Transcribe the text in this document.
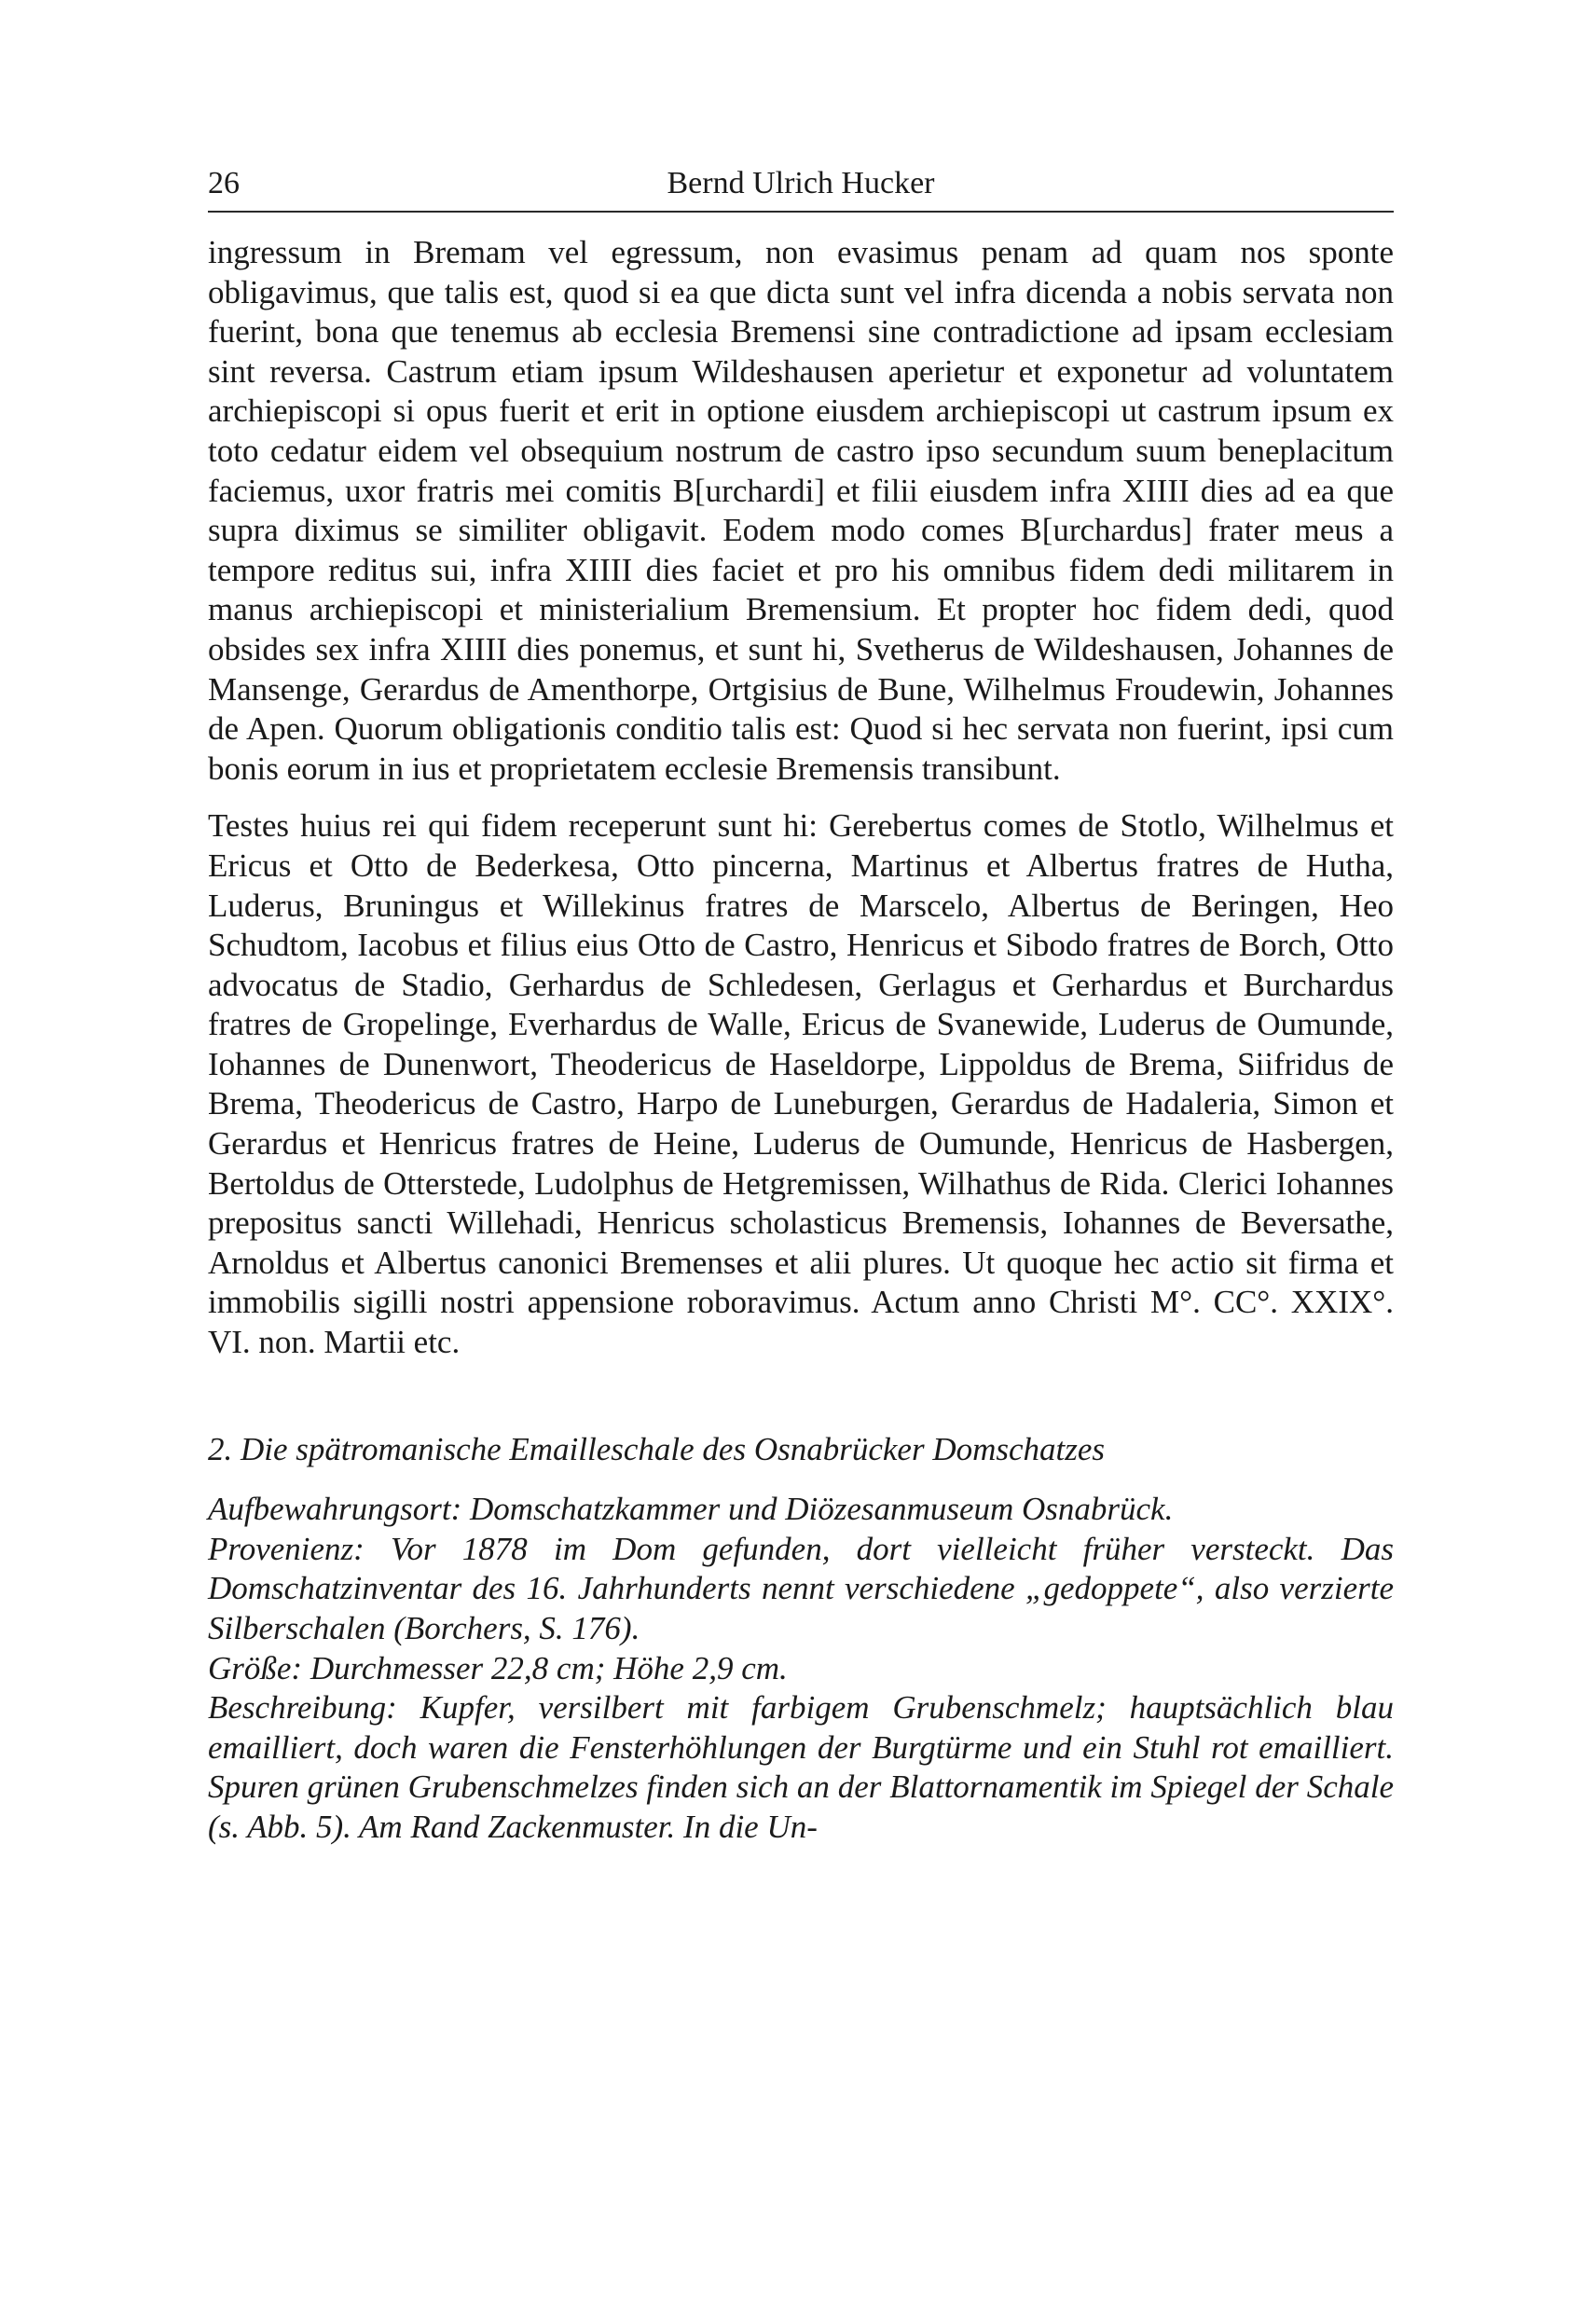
26	Bernd Ulrich Hucker

ingressum in Bremam vel egressum, non evasimus penam ad quam nos sponte obligavimus, que talis est, quod si ea que dicta sunt vel infra dicenda a nobis servata non fuerint, bona que tenemus ab ecclesia Bremensi sine contradictione ad ipsam ecclesiam sint reversa. Castrum etiam ipsum Wildeshausen aperietur et exponetur ad voluntatem archiepiscopi si opus fuerit et erit in optione eiusdem archiepiscopi ut castrum ipsum ex toto cedatur eidem vel obsequium nostrum de castro ipso secundum suum beneplacitum faciemus, uxor fratris mei comitis B[urchardi] et filii eiusdem infra XIIII dies ad ea que supra diximus se similiter obligavit. Eodem modo comes B[urchardus] frater meus a tempore reditus sui, infra XIIII dies faciet et pro his omnibus fidem dedi militarem in manus archiepiscopi et ministerialium Bremensium. Et propter hoc fidem dedi, quod obsides sex infra XIIII dies ponemus, et sunt hi, Svetherus de Wildeshausen, Johannes de Mansenge, Gerardus de Amenthorpe, Ortgisius de Bune, Wilhelmus Froudewin, Johannes de Apen. Quorum obligationis conditio talis est: Quod si hec servata non fuerint, ipsi cum bonis eorum in ius et proprietatem ecclesie Bremensis transibunt.

Testes huius rei qui fidem receperunt sunt hi: Gerebertus comes de Stotlo, Wilhelmus et Ericus et Otto de Bederkesa, Otto pincerna, Martinus et Albertus fratres de Hutha, Luderus, Bruningus et Willekinus fratres de Marscelo, Albertus de Beringen, Heo Schudtom, Iacobus et filius eius Otto de Castro, Henricus et Sibodo fratres de Borch, Otto advocatus de Stadio, Gerhardus de Schledesen, Gerlagus et Gerhardus et Burchardus fratres de Gropelinge, Everhardus de Walle, Ericus de Svanewide, Luderus de Oumunde, Iohannes de Dunenwort, Theodericus de Haseldorpe, Lippoldus de Brema, Siifridus de Brema, Theodericus de Castro, Harpo de Luneburgen, Gerardus de Hadaleria, Simon et Gerardus et Henricus fratres de Heine, Luderus de Oumunde, Henricus de Hasbergen, Bertoldus de Otterstede, Ludolphus de Hetgremissen, Wilhathus de Rida. Clerici Iohannes prepositus sancti Willehadi, Henricus scholasticus Bremensis, Iohannes de Beversathe, Arnoldus et Albertus canonici Bremenses et alii plures. Ut quoque hec actio sit firma et immobilis sigilli nostri appensione roboravimus. Actum anno Christi M°. CC°. XXIX°. VI. non. Martii etc.

2. Die spätromanische Emailleschale des Osnabrücker Domschatzes

Aufbewahrungsort: Domschatzkammer und Diözesanmuseum Osnabrück.

Provenienz: Vor 1878 im Dom gefunden, dort vielleicht früher versteckt. Das Domschatzinventar des 16. Jahrhunderts nennt verschiedene „gedoppete“, also verzierte Silberschalen (Borchers, S. 176).

Größe: Durchmesser 22,8 cm; Höhe 2,9 cm.

Beschreibung: Kupfer, versilbert mit farbigem Grubenschmelz; hauptsächlich blau emailliert, doch waren die Fensterhöhlungen der Burgtürme und ein Stuhl rot emailliert. Spuren grünen Grubenschmelzes finden sich an der Blattornamentik im Spiegel der Schale (s. Abb. 5). Am Rand Zackenmuster. In die Un-
